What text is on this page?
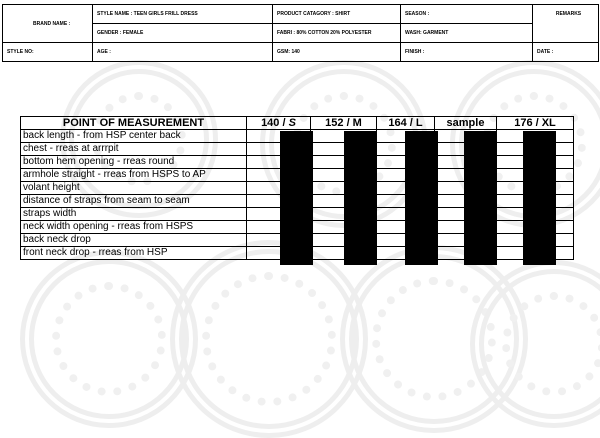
BRAND NAME :	STYLE NAME : TEEN GIRLS FRILL DRESS	PRODUCT CATAGORY : SHIRT	SEASON :	REMARKS
	GENDER : FEMALE	FABRI : 80% COTTON 20% POLYESTER	WASH: GARMENT	
STYLE NO:	AGE :	GSM: 140	FINISH :	DATE :
POINT OF MEASUREMENT	140 / S	152 / M	164 / L	sample	176 / XL
back length - from HSP center back					
chest - rreas at arrrpit					
bottom hem opening - rreas round					
armhole straight - rreas from HSPS to AP					
volant height					
distance of straps from seam to seam					
straps width					
neck width opening - rreas from HSPS					
back neck drop					
front neck drop - rreas from HSP					
